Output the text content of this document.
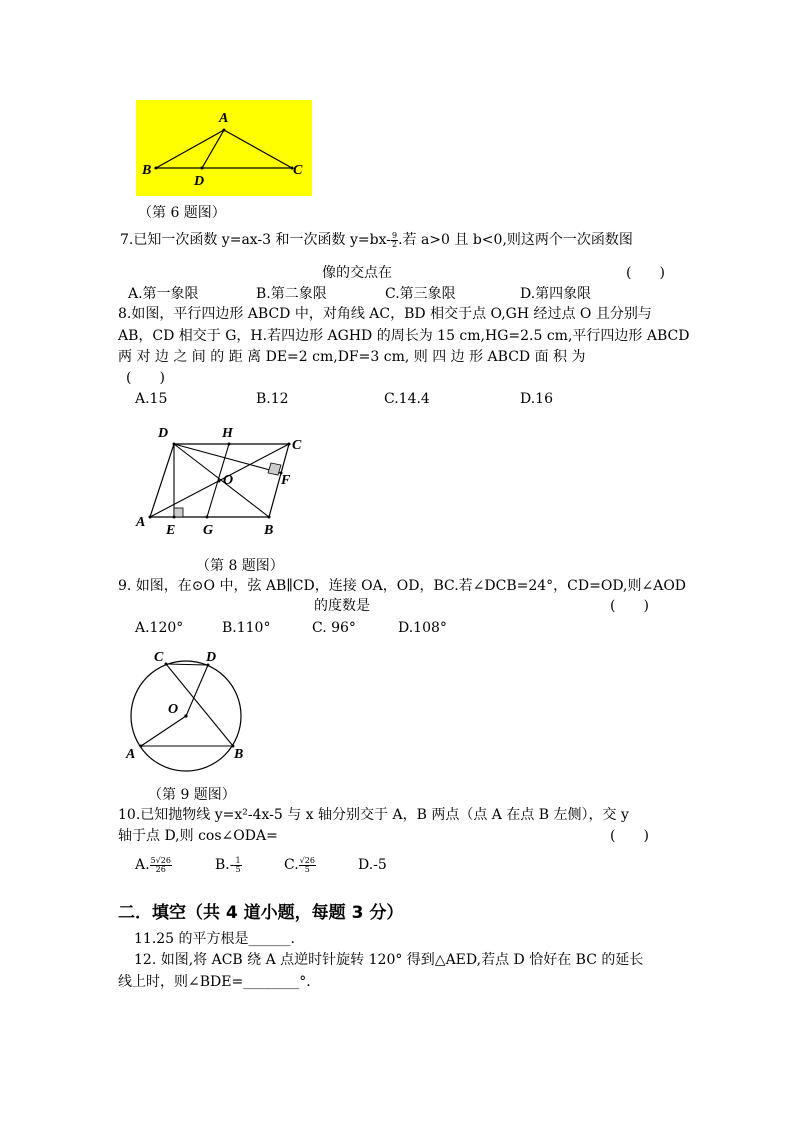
A
B	C
D
（第 6 题图）
7.已知一次函数 y=ax-3 和一次函数 $y=bx- \frac{9}{2}$ .若 a>0 且 b<0,则这两个一次函数图
像的交点在	(　　)
A.第一象限	B.第二象限	C.第三象限	D.第四象限
8.如图，平行四边形 ABCD 中，对角线 AC，BD 相交于点 O,GH 经过点 O 且分别与
AB，CD 相交于 G，H.若四边形 AGHD 的周长为 15 cm,HG=2.5 cm,平行四边形 ABCD
两 对 边 之 间 的 距 离 DE=2 cm,DF=3 cm, 则 四 边 形 ABCD 面 积 为
(　　)
A.15	B.12	C.14.4	D.16
D	H
C
O	F
A
E G	B
（第 8 题图）
9. 如图，在⊙O 中，弦 AB∥CD，连接 OA，OD，BC.若∠DCB=24°，CD=OD,则∠AOD
的度数是	(　　)
A.120°	B.110°	C. 96°	D.108°
C	D
O
A	B
（第 9 题图）
10.已知抛物线 y=x²-4x-5 与 x 轴分别交于 A，B 两点（点 A 在点 B 左侧），交 y
轴于点 D,则 cos∠ODA=	(　　)
A. $\frac{5√26}{26}$	$B.- \frac{1}{5}$	C. $\frac{√26}{5}$	D.-5
二．填空（共 4 道小题，每题 3 分）
11.25 的平方根是______.
12. 如图,将 ACB 绕 A 点逆时针旋转 120° 得到△AED,若点 D 恰好在 BC 的延长
线上时，则∠BDE=________°.
